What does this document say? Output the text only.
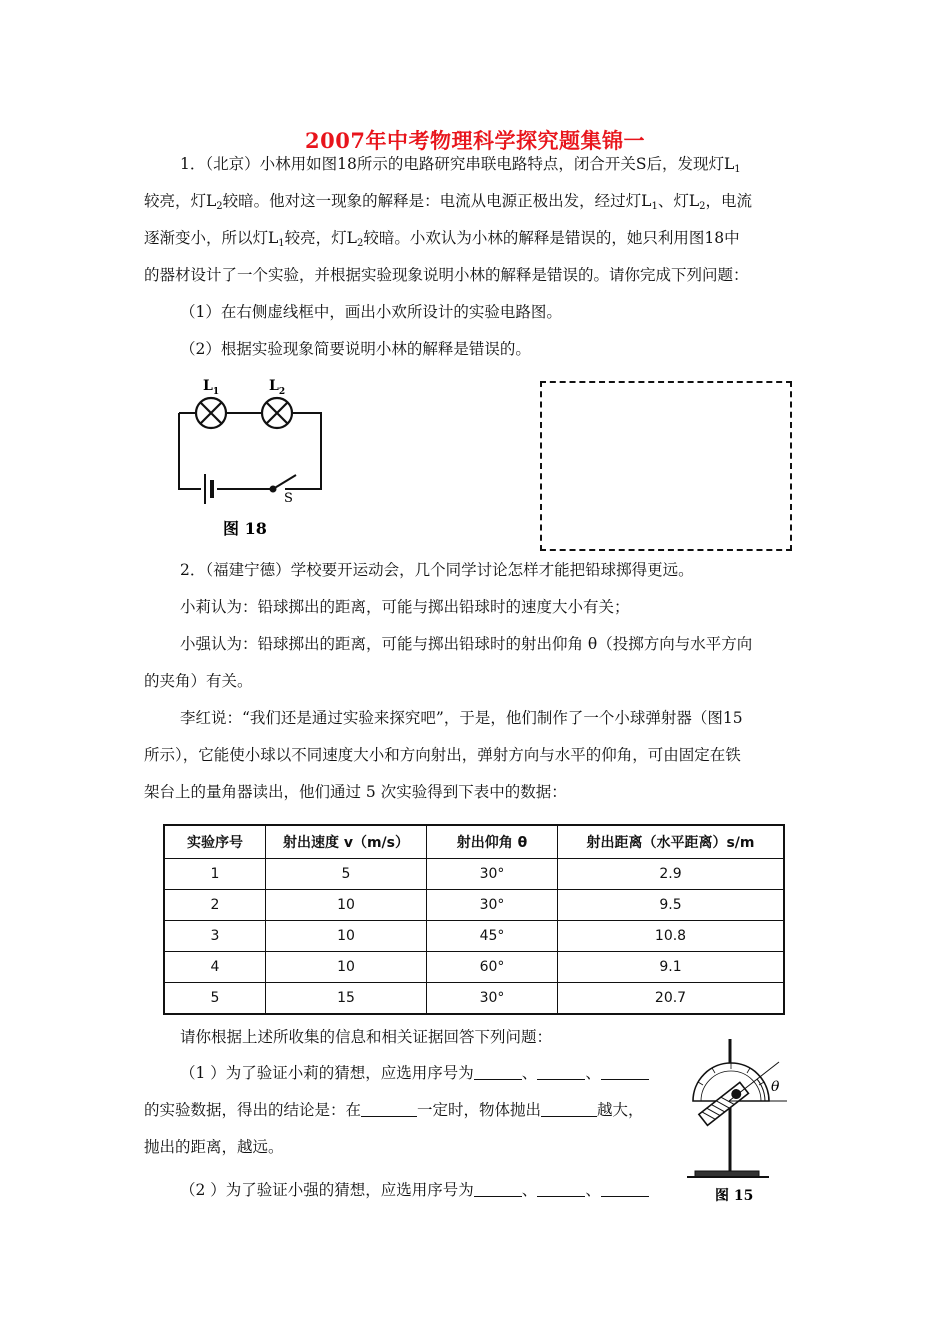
2007年中考物理科学探究题集锦一
1．（北京）小林用如图18所示的电路研究串联电路特点，闭合开关S后，发现灯$L_1$
较亮，灯$L_2$较暗。他对这一现象的解释是：电流从电源正极出发，经过灯$L_1$、灯$L_2$，电流
逐渐变小，所以灯$L_1$较亮，灯$L_2$较暗。小欢认为小林的解释是错误的，她只利用图18中
的器材设计了一个实验，并根据实验现象说明小林的解释是错误的。请你完成下列问题：
（1）在右侧虚线框中，画出小欢所设计的实验电路图。
（2）根据实验现象简要说明小林的解释是错误的。
$L_1$	$L_2$
S
图 18
2．（福建宁德）学校要开运动会，几个同学讨论怎样才能把铅球掷得更远。
小莉认为：铅球掷出的距离，可能与掷出铅球时的速度大小有关；
小强认为：铅球掷出的距离，可能与掷出铅球时的射出仰角 θ（投掷方向与水平方向
的夹角）有关。
李红说：“我们还是通过实验来探究吧”，于是，他们制作了一个小球弹射器（图15
所示），它能使小球以不同速度大小和方向射出，弹射方向与水平的仰角，可由固定在铁
架台上的量角器读出，他们通过 5 次实验得到下表中的数据：
实验序号	射出速度 v（m/s）	射出仰角 θ	射出距离（水平距离）s/m
1	5	30°	2.9
2	10	30°	9.5
3	10	45°	10.8
4	10	60°	9.1
5	15	30°	20.7
请你根据上述所收集的信息和相关证据回答下列问题：
（1 ）为了验证小莉的猜想，应选用序号为	、	、
的实验数据，得出的结论是：在	一定时，物体抛出	越大，
抛出的距离，越远。
（2 ）为了验证小强的猜想，应选用序号为	、	、
θ
图 15
